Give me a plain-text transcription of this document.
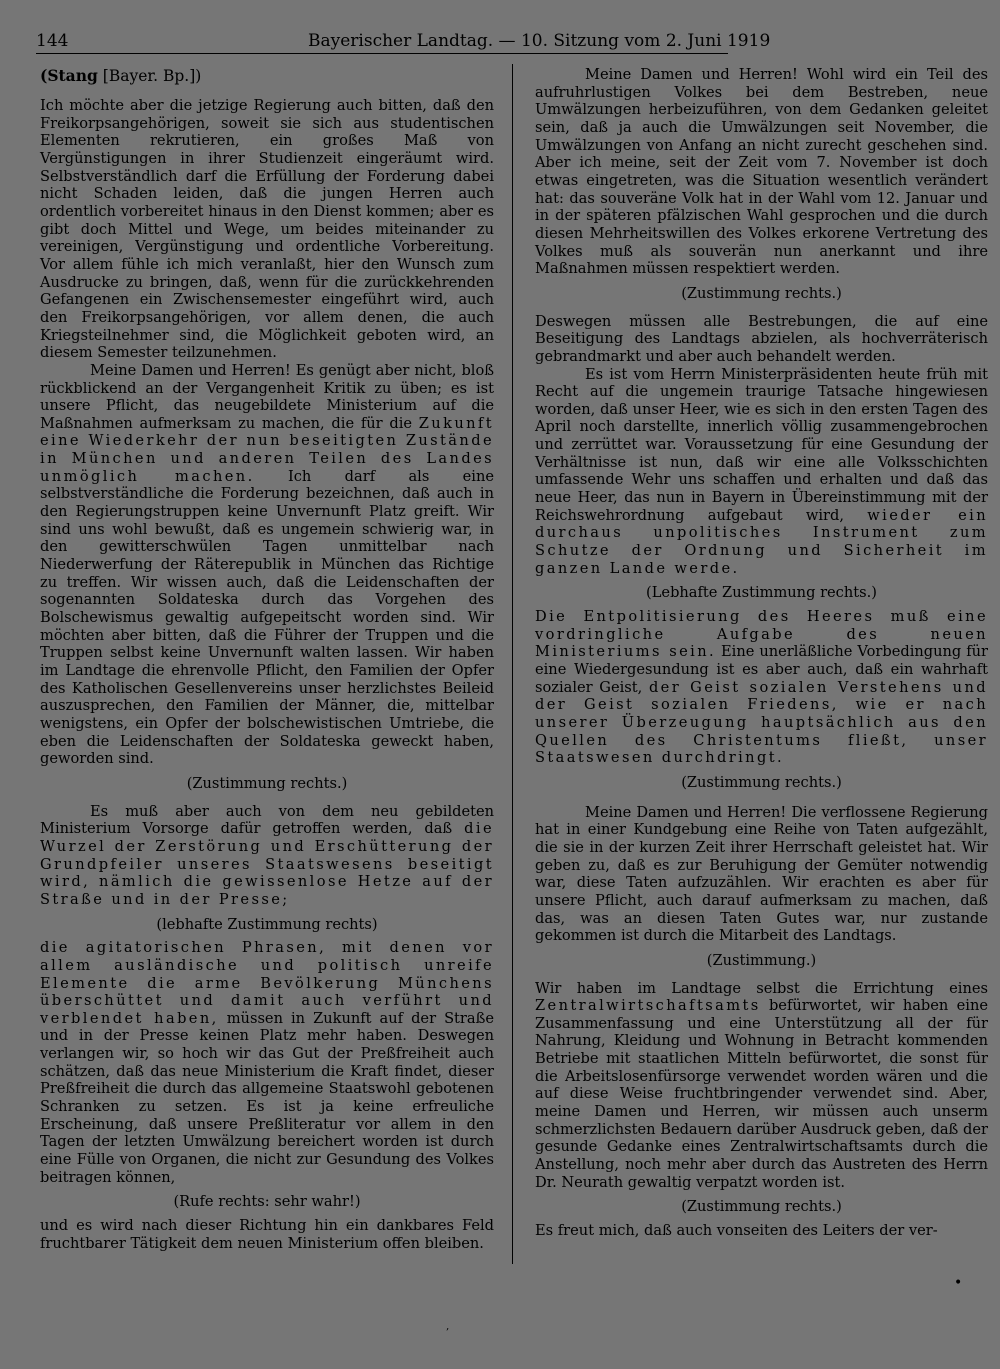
144	Bayerischer Landtag. — 10. Sitzung vom 2. Juni 1919
(Stang [Bayer. Bp.])

Ich möchte aber die jetzige Regierung auch bitten, daß den Freikorpsangehörigen, soweit sie sich aus studentischen Elementen rekrutieren, ein großes Maß von Vergünstigungen in ihrer Studienzeit eingeräumt wird. Selbstverständlich darf die Erfüllung der Forderung dabei nicht Schaden leiden, daß die jungen Herren auch ordentlich vorbereitet hinaus in den Dienst kommen; aber es gibt doch Mittel und Wege, um beides miteinander zu vereinigen, Vergünstigung und ordentliche Vorbereitung. Vor allem fühle ich mich veranlaßt, hier den Wunsch zum Ausdrucke zu bringen, daß, wenn für die zurückkehrenden Gefangenen ein Zwischensemester eingeführt wird, auch den Freikorpsangehörigen, vor allem denen, die auch Kriegsteilnehmer sind, die Möglichkeit geboten wird, an diesem Semester teilzunehmen.

Meine Damen und Herren! Es genügt aber nicht, bloß rückblickend an der Vergangenheit Kritik zu üben; es ist unsere Pflicht, das neugebildete Ministerium auf die Maßnahmen aufmerksam zu machen, die für die Zukunft eine Wiederkehr der nun beseitigten Zustände in München und anderen Teilen des Landes unmöglich machen. Ich darf als eine selbstverständliche die Forderung bezeichnen, daß auch in den Regierungstruppen keine Unvernunft Platz greift. Wir sind uns wohl bewußt, daß es ungemein schwierig war, in den gewitterschwülen Tagen unmittelbar nach Niederwerfung der Räterepublik in München das Richtige zu treffen. Wir wissen auch, daß die Leidenschaften der sogenannten Soldateska durch das Vorgehen des Bolschewismus gewaltig aufgepeitscht worden sind. Wir möchten aber bitten, daß die Führer der Truppen und die Truppen selbst keine Unvernunft walten lassen. Wir haben im Landtage die ehrenvolle Pflicht, den Familien der Opfer des Katholischen Gesellenvereins unser herzlichstes Beileid auszusprechen, den Familien der Männer, die, mittelbar wenigstens, ein Opfer der bolschewistischen Umtriebe, die eben die Leidenschaften der Soldateska geweckt haben, geworden sind.

(Zustimmung rechts.)

Es muß aber auch von dem neu gebildeten Ministerium Vorsorge dafür getroffen werden, daß die Wurzel der Zerstörung und Erschütterung der Grundpfeiler unseres Staatswesens beseitigt wird, nämlich die gewissenlose Hetze auf der Straße und in der Presse;

(lebhafte Zustimmung rechts)

die agitatorischen Phrasen, mit denen vor allem ausländische und politisch unreife Elemente die arme Bevölkerung Münchens überschüttet und damit auch verführt und verblendet haben, müssen in Zukunft auf der Straße und in der Presse keinen Platz mehr haben. Deswegen verlangen wir, so hoch wir das Gut der Preßfreiheit auch schätzen, daß das neue Ministerium die Kraft findet, dieser Preßfreiheit die durch das allgemeine Staatswohl gebotenen Schranken zu setzen. Es ist ja keine erfreuliche Erscheinung, daß unsere Preßliteratur vor allem in den Tagen der letzten Umwälzung bereichert worden ist durch eine Fülle von Organen, die nicht zur Gesundung des Volkes beitragen können,

(Rufe rechts: sehr wahr!)

und es wird nach dieser Richtung hin ein dankbares Feld fruchtbarer Tätigkeit dem neuen Ministerium offen bleiben.

Meine Damen und Herren! Wohl wird ein Teil des aufruhrlustigen Volkes bei dem Bestreben, neue Umwälzungen herbeizuführen, von dem Gedanken geleitet sein, daß ja auch die Umwälzungen seit November, die Umwälzungen von Anfang an nicht zurecht geschehen sind. Aber ich meine, seit der Zeit vom 7. November ist doch etwas eingetreten, was die Situation wesentlich verändert hat: das souveräne Volk hat in der Wahl vom 12. Januar und in der späteren pfälzischen Wahl gesprochen und die durch diesen Mehrheitswillen des Volkes erkorene Vertretung des Volkes muß als souverän nun anerkannt und ihre Maßnahmen müssen respektiert werden.

(Zustimmung rechts.)

Deswegen müssen alle Bestrebungen, die auf eine Beseitigung des Landtags abzielen, als hochverräterisch gebrandmarkt und aber auch behandelt werden.

Es ist vom Herrn Ministerpräsidenten heute früh mit Recht auf die ungemein traurige Tatsache hingewiesen worden, daß unser Heer, wie es sich in den ersten Tagen des April noch darstellte, innerlich völlig zusammengebrochen und zerrüttet war. Voraussetzung für eine Gesundung der Verhältnisse ist nun, daß wir eine alle Volksschichten umfassende Wehr uns schaffen und erhalten und daß das neue Heer, das nun in Bayern in Übereinstimmung mit der Reichswehrordnung aufgebaut wird, wieder ein durchaus unpolitisches Instrument zum Schutze der Ordnung und Sicherheit im ganzen Lande werde.

(Lebhafte Zustimmung rechts.)

Die Entpolitisierung des Heeres muß eine vordringliche Aufgabe des neuen Ministeriums sein. Eine unerläßliche Vorbedingung für eine Wiedergesundung ist es aber auch, daß ein wahrhaft sozialer Geist, der Geist sozialen Verstehens und der Geist sozialen Friedens, wie er nach unserer Überzeugung hauptsächlich aus den Quellen des Christentums fließt, unser Staatswesen durchdringt.

(Zustimmung rechts.)

Meine Damen und Herren! Die verflossene Regierung hat in einer Kundgebung eine Reihe von Taten aufgezählt, die sie in der kurzen Zeit ihrer Herrschaft geleistet hat. Wir geben zu, daß es zur Beruhigung der Gemüter notwendig war, diese Taten aufzuzählen. Wir erachten es aber für unsere Pflicht, auch darauf aufmerksam zu machen, daß das, was an diesen Taten Gutes war, nur zustande gekommen ist durch die Mitarbeit des Landtags.

(Zustimmung.)

Wir haben im Landtage selbst die Errichtung eines Zentralwirtschaftsamts befürwortet, wir haben eine Zusammenfassung und eine Unterstützung all der für Nahrung, Kleidung und Wohnung in Betracht kommenden Betriebe mit staatlichen Mitteln befürwortet, die sonst für die Arbeitslosenfürsorge verwendet worden wären und die auf diese Weise fruchtbringender verwendet sind. Aber, meine Damen und Herren, wir müssen auch unserm schmerzlichsten Bedauern darüber Ausdruck geben, daß der gesunde Gedanke eines Zentralwirtschaftsamts durch die Anstellung, noch mehr aber durch das Austreten des Herrn Dr. Neurath gewaltig verpatzt worden ist.

(Zustimmung rechts.)

Es freut mich, daß auch vonseiten des Leiters der ver-

•
‚
